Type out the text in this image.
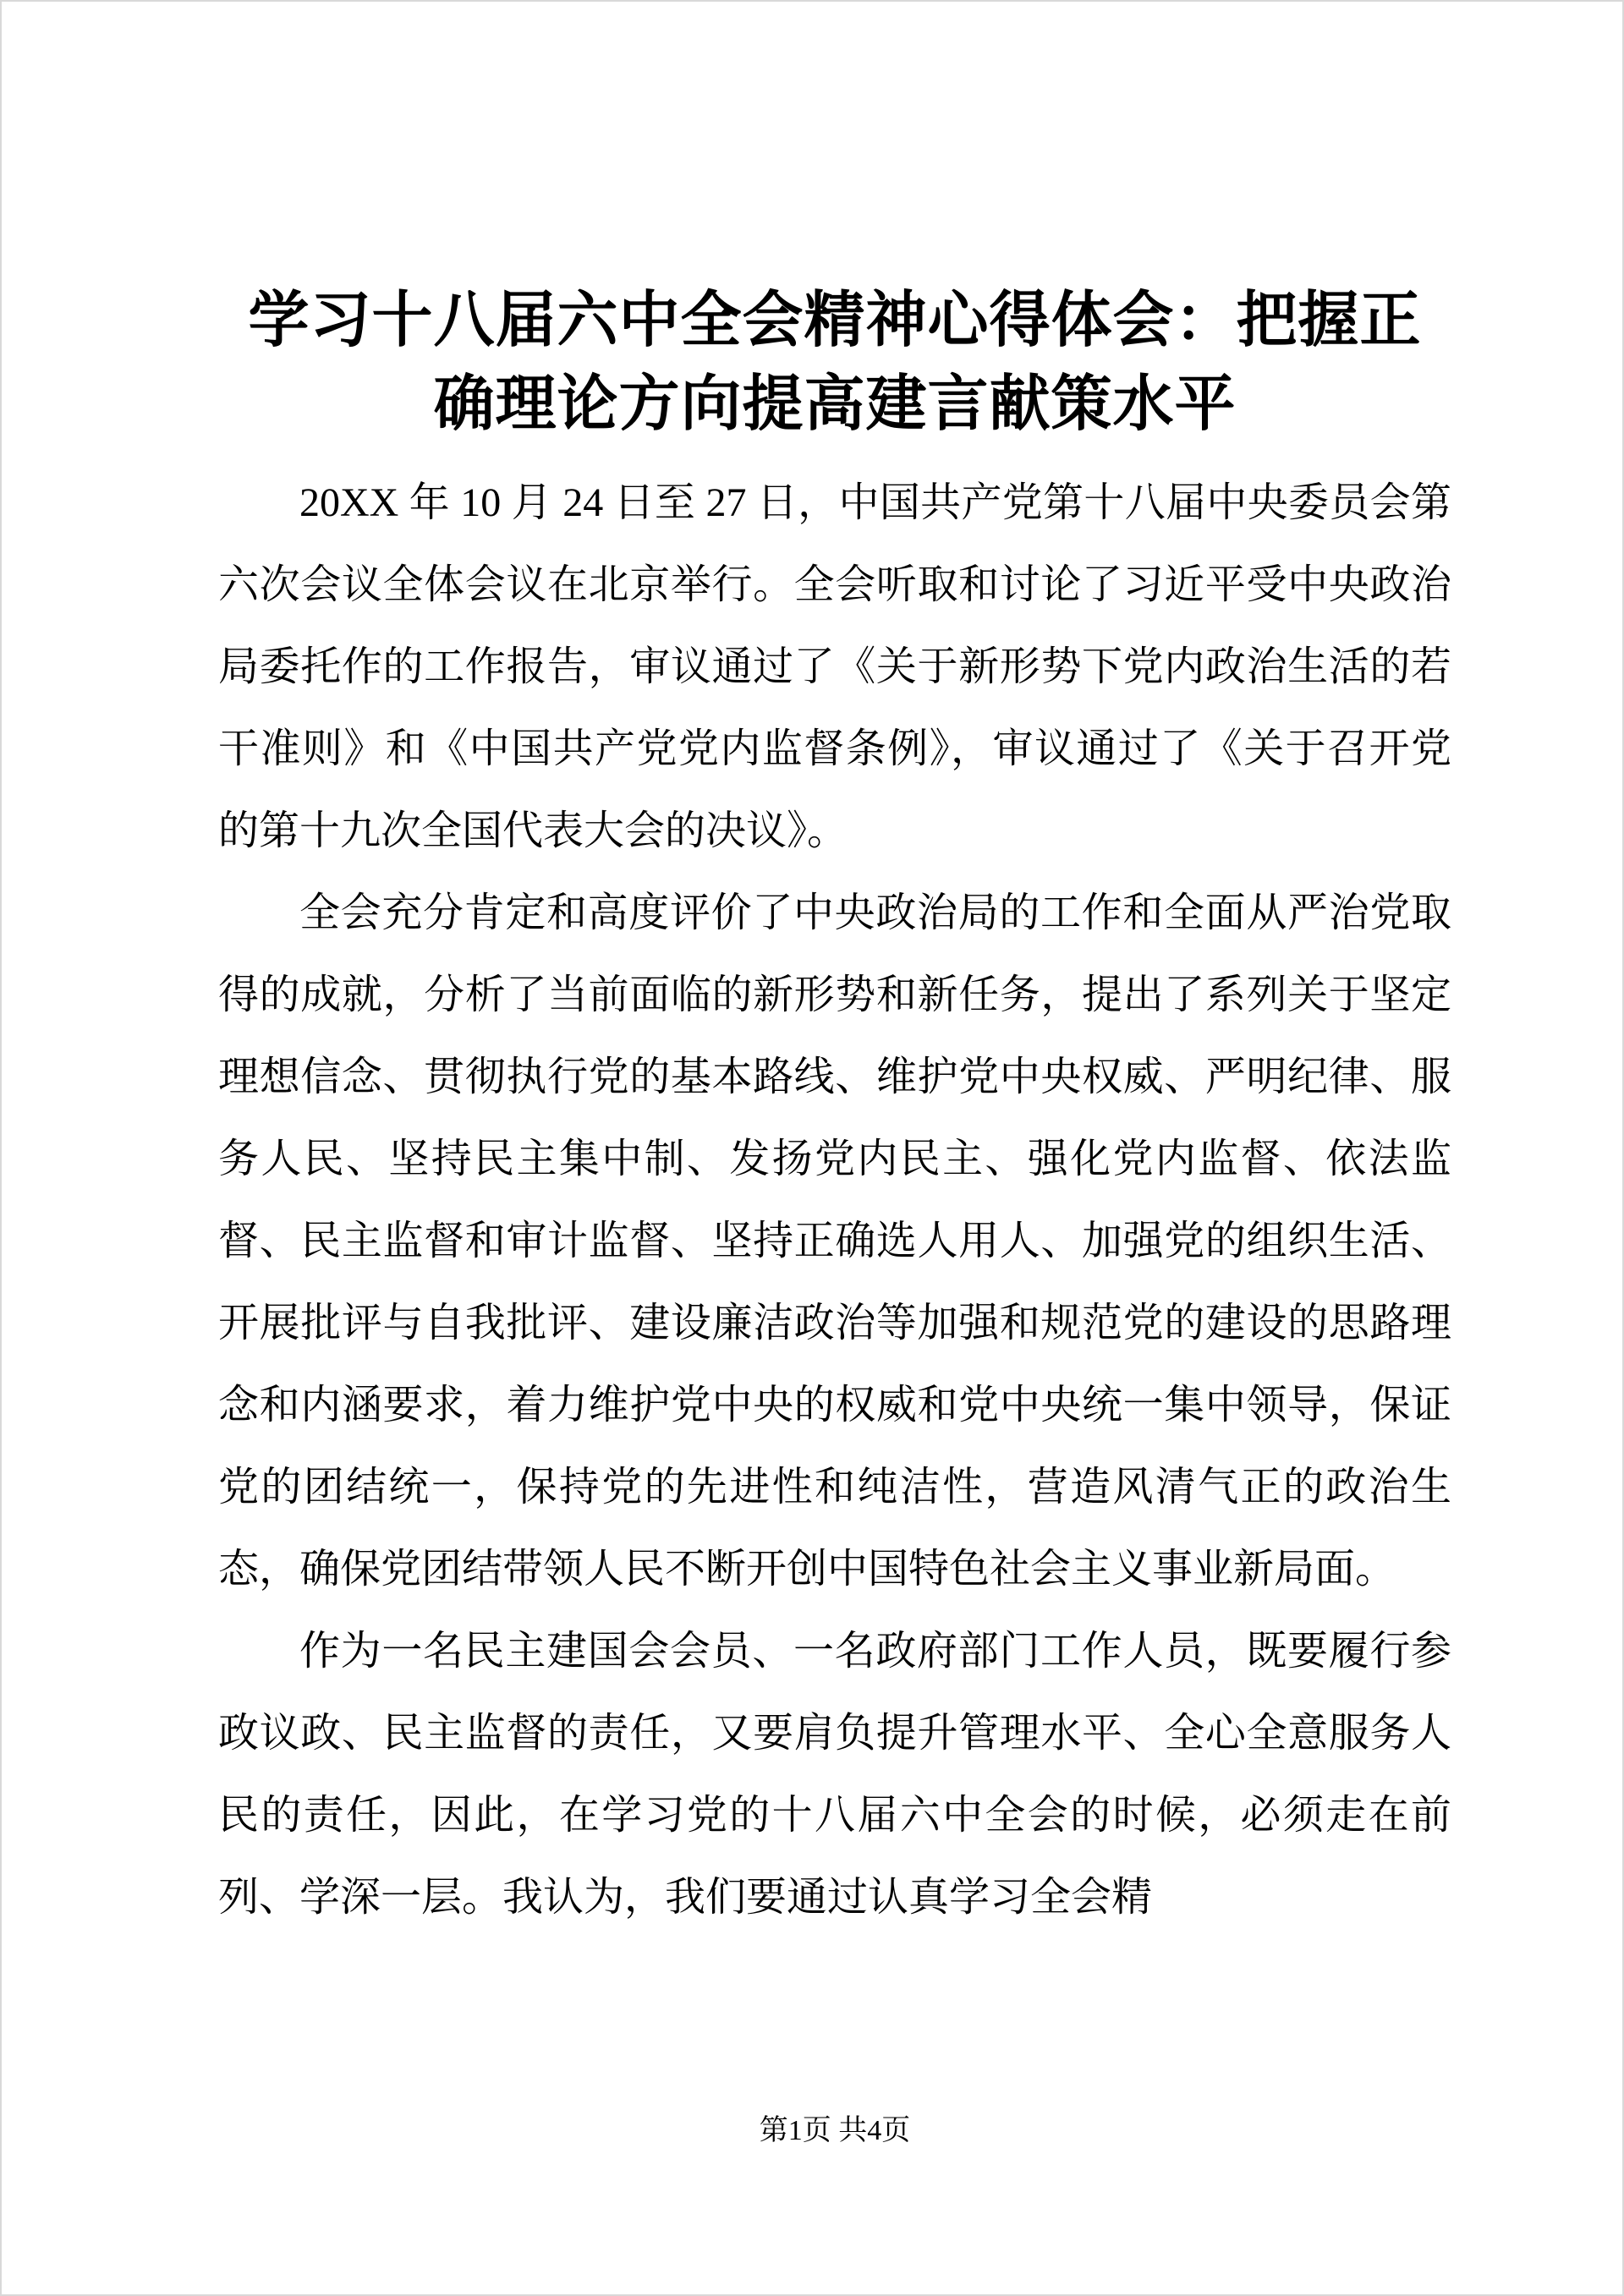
学习十八届六中全会精神心得体会：把握正确理论方向提高建言献策水平

20XX 年 10 月 24 日至 27 日，中国共产党第十八届中央委员会第六次会议全体会议在北京举行。全会听取和讨论了习近平受中央政治局委托作的工作报告，审议通过了《关于新形势下党内政治生活的若干准则》和《中国共产党党内监督条例》，审议通过了《关于召开党的第十九次全国代表大会的决议》。

全会充分肯定和高度评价了中央政治局的工作和全面从严治党取得的成就，分析了当前面临的新形势和新任务，提出了系列关于坚定理想信念、贯彻执行党的基本路线、维护党中央权威、严明纪律、服务人民、坚持民主集中制、发扬党内民主、强化党内监督、依法监督、民主监督和审计监督、坚持正确选人用人、加强党的组织生活、开展批评与自我批评、建设廉洁政治等加强和规范党的建设的思路理念和内涵要求，着力维护党中央的权威和党中央统一集中领导，保证党的团结统一，保持党的先进性和纯洁性，营造风清气正的政治生态，确保党团结带领人民不断开创中国特色社会主义事业新局面。

作为一名民主建国会会员、一名政府部门工作人员，既要履行参政议政、民主监督的责任，又要肩负提升管理水平、全心全意服务人民的责任，因此，在学习党的十八届六中全会的时候，必须走在前列、学深一层。我认为，我们要通过认真学习全会精

第1页 共4页
